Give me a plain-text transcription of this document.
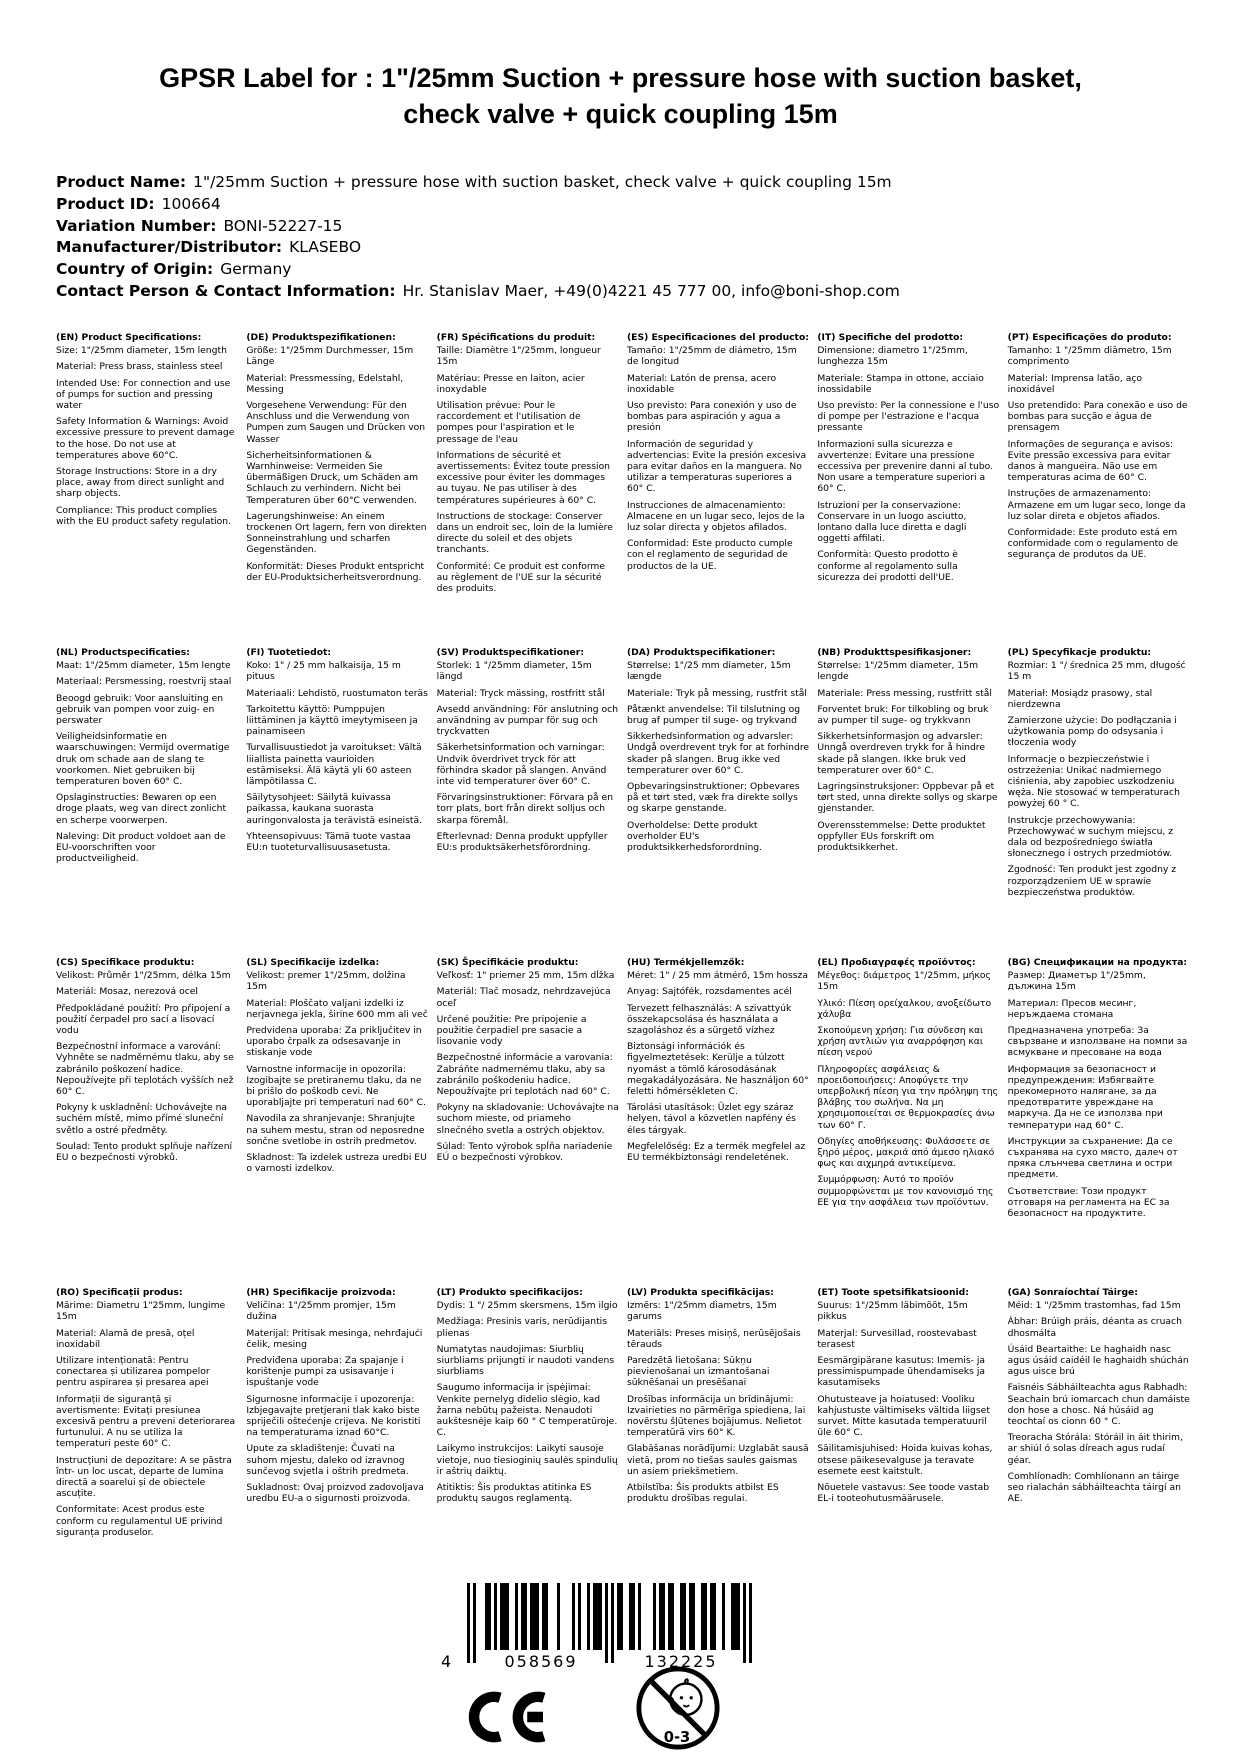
GPSR Label for : 1"/25mm Suction + pressure hose with suction basket, check valve + quick coupling 15m
Product Name: 1"/25mm Suction + pressure hose with suction basket, check valve + quick coupling 15m
Product ID: 100664
Variation Number: BONI-52227-15
Manufacturer/Distributor: KLASEBO
Country of Origin: Germany
Contact Person & Contact Information: Hr. Stanislav Maer, +49(0)4221 45 777 00, info@boni-shop.com
(EN) Product Specifications:

Size: 1"/25mm diameter, 15m length

Material: Press brass, stainless steel

Intended Use: For connection and use of pumps for suction and pressing water

Safety Information & Warnings: Avoid excessive pressure to prevent damage to the hose. Do not use at temperatures above 60°C.

Storage Instructions: Store in a dry place, away from direct sunlight and sharp objects.

Compliance: This product complies with the EU product safety regulation.

(DE) Produktspezifikationen:

Größe: 1"/25mm Durchmesser, 15m Länge

Material: Pressmessing, Edelstahl, Messing

Vorgesehene Verwendung: Für den Anschluss und die Verwendung von Pumpen zum Saugen und Drücken von Wasser

Sicherheitsinformationen & Warnhinweise: Vermeiden Sie übermäßigen Druck, um Schäden am Schlauch zu verhindern. Nicht bei Temperaturen über 60°C verwenden.

Lagerungshinweise: An einem trockenen Ort lagern, fern von direkten Sonneinstrahlung und scharfen Gegenständen.

Konformität: Dieses Produkt entspricht der EU-Produktsicherheitsverordnung.

(FR) Spécifications du produit:

Taille: Diamètre 1"/25mm, longueur 15m

Matériau: Presse en laiton, acier inoxydable

Utilisation prévue: Pour le raccordement et l'utilisation de pompes pour l'aspiration et le pressage de l'eau

Informations de sécurité et avertissements: Évitez toute pression excessive pour éviter les dommages au tuyau. Ne pas utiliser à des températures supérieures à 60° C.

Instructions de stockage: Conserver dans un endroit sec, loin de la lumière directe du soleil et des objets tranchants.

Conformité: Ce produit est conforme au règlement de l'UE sur la sécurité des produits.

(ES) Especificaciones del producto:

Tamaño: 1"/25mm de diámetro, 15m de longitud

Material: Latón de prensa, acero inoxidable

Uso previsto: Para conexión y uso de bombas para aspiración y agua a presión

Información de seguridad y advertencias: Evite la presión excesiva para evitar daños en la manguera. No utilizar a temperaturas superiores a 60° C.

Instrucciones de almacenamiento: Almacene en un lugar seco, lejos de la luz solar directa y objetos afilados.

Conformidad: Este producto cumple con el reglamento de seguridad de productos de la UE.

(IT) Specifiche del prodotto:

Dimensione: diametro 1"/25mm, lunghezza 15m

Materiale: Stampa in ottone, acciaio inossidabile

Uso previsto: Per la connessione e l'uso di pompe per l'estrazione e l'acqua pressante

Informazioni sulla sicurezza e avvertenze: Evitare una pressione eccessiva per prevenire danni al tubo. Non usare a temperature superiori a 60° C.

Istruzioni per la conservazione: Conservare in un luogo asciutto, lontano dalla luce diretta e dagli oggetti affilati.

Conformità: Questo prodotto è conforme al regolamento sulla sicurezza dei prodotti dell'UE.

(PT) Especificações do produto:

Tamanho: 1 "/25mm diâmetro, 15m comprimento

Material: Imprensa latão, aço inoxidável

Uso pretendido: Para conexão e uso de bombas para sucção e água de prensagem

Informações de segurança e avisos: Evite pressão excessiva para evitar danos à mangueira. Não use em temperaturas acima de 60° C.

Instruções de armazenamento: Armazene em um lugar seco, longe da luz solar direta e objetos afiados.

Conformidade: Este produto está em conformidade com o regulamento de segurança de produtos da UE.

(NL) Productspecificaties:

Maat: 1"/25mm diameter, 15m lengte

Materiaal: Persmessing, roestvrij staal

Beoogd gebruik: Voor aansluiting en gebruik van pompen voor zuig- en perswater

Veiligheidsinformatie en waarschuwingen: Vermijd overmatige druk om schade aan de slang te voorkomen. Niet gebruiken bij temperaturen boven 60° C.

Opslaginstructies: Bewaren op een droge plaats, weg van direct zonlicht en scherpe voorwerpen.

Naleving: Dit product voldoet aan de EU-voorschriften voor productveiligheid.

(FI) Tuotetiedot:

Koko: 1" / 25 mm halkaisija, 15 m pituus

Materiaali: Lehdistö, ruostumaton teräs

Tarkoitettu käyttö: Pumppujen liittäminen ja käyttö imeytymiseen ja painamiseen

Turvallisuustiedot ja varoitukset: Vältä liiallista painetta vaurioiden estämiseksi. Älä käytä yli 60 asteen lämpötilassa C.

Säilytysohjeet: Säilytä kuivassa paikassa, kaukana suorasta auringonvalosta ja terävistä esineistä.

Yhteensopivuus: Tämä tuote vastaa EU:n tuoteturvallisuusasetusta.

(SV) Produktspecifikationer:

Storlek: 1 "/25mm diameter, 15m längd

Material: Tryck mässing, rostfritt stål

Avsedd användning: För anslutning och användning av pumpar för sug och tryckvatten

Säkerhetsinformation och varningar: Undvik överdrivet tryck för att förhindra skador på slangen. Använd inte vid temperaturer över 60° C.

Förvaringsinstruktioner: Förvara på en torr plats, bort från direkt solljus och skarpa föremål.

Efterlevnad: Denna produkt uppfyller EU:s produktsäkerhetsförordning.

(DA) Produktspecifikationer:

Størrelse: 1"/25 mm diameter, 15m længde

Materiale: Tryk på messing, rustfrit stål

Påtænkt anvendelse: Til tilslutning og brug af pumper til suge- og trykvand

Sikkerhedsinformation og advarsler: Undgå overdrevent tryk for at forhindre skader på slangen. Brug ikke ved temperaturer over 60° C.

Opbevaringsinstruktioner: Opbevares på et tørt sted, væk fra direkte sollys og skarpe genstande.

Overholdelse: Dette produkt overholder EU's produktsikkerhedsforordning.

(NB) Produkttspesifikasjoner:

Størrelse: 1"/25mm diameter, 15m lengde

Materiale: Press messing, rustfritt stål

Forventet bruk: For tilkobling og bruk av pumper til suge- og trykkvann

Sikkerhetsinformasjon og advarsler: Unngå overdreven trykk for å hindre skade på slangen. Ikke bruk ved temperaturer over 60° C.

Lagringsinstruksjoner: Oppbevar på et tørt sted, unna direkte sollys og skarpe gjenstander.

Overensstemmelse: Dette produktet oppfyller EUs forskrift om produktsikkerhet.

(PL) Specyfikacje produktu:

Rozmiar: 1 "/ średnica 25 mm, długość 15 m

Materiał: Mosiądz prasowy, stal nierdzewna

Zamierzone użycie: Do podłączania i użytkowania pomp do odsysania i tłoczenia wody

Informacje o bezpieczeństwie i ostrzeżenia: Unikać nadmiernego ciśnienia, aby zapobiec uszkodzeniu węża. Nie stosować w temperaturach powyżej 60 ° C.

Instrukcje przechowywania: Przechowywać w suchym miejscu, z dala od bezpośredniego światła słonecznego i ostrych przedmiotów.

Zgodność: Ten produkt jest zgodny z rozporządzeniem UE w sprawie bezpieczeństwa produktów.

(CS) Specifikace produktu:

Velikost: Průměr 1"/25mm, délka 15m

Materiál: Mosaz, nerezová ocel

Předpokládané použití: Pro připojení a použití čerpadel pro sací a lisovací vodu

Bezpečnostní informace a varování: Vyhněte se nadměrnému tlaku, aby se zabránilo poškození hadice. Nepoužívejte při teplotách vyšších než 60° C.

Pokyny k uskladnění: Uchovávejte na suchém místě, mimo přímé sluneční světlo a ostré předměty.

Soulad: Tento produkt splňuje nařízení EU o bezpečnosti výrobků.

(SL) Specifikacije izdelka:

Velikost: premer 1"/25mm, dolžina 15m

Material: Ploščato valjani izdelki iz nerjavnega jekla, širine 600 mm ali več

Predvidena uporaba: Za priključitev in uporabo črpalk za odsesavanje in stiskanje vode

Varnostne informacije in opozorila: Izogibajte se pretiranemu tlaku, da ne bi prišlo do poškodb cevi. Ne uporabljajte pri temperaturi nad 60° C.

Navodila za shranjevanje: Shranjujte na suhem mestu, stran od neposredne sončne svetlobe in ostrih predmetov.

Skladnost: Ta izdelek ustreza uredbi EU o varnosti izdelkov.

(SK) Špecifikácie produktu:

Veľkosť: 1" priemer 25 mm, 15m dĺžka

Materiál: Tlač mosadz, nehrdzavejúca oceľ

Určené použitie: Pre pripojenie a použitie čerpadiel pre sasacie a lisovanie vody

Bezpečnostné informácie a varovania: Zabráňte nadmernému tlaku, aby sa zabránilo poškodeniu hadice. Nepoužívajte pri teplotách nad 60° C.

Pokyny na skladovanie: Uchovávajte na suchom mieste, od priameho slnečného svetla a ostrých objektov.

Súlad: Tento výrobok spĺňa nariadenie EÚ o bezpečnosti výrobkov.

(HU) Termékjellemzők:

Méret: 1" / 25 mm átmérő, 15m hossza

Anyag: Sajtófék, rozsdamentes acél

Tervezett felhasználás: A szivattyúk összekapcsolása és használata a szagoláshoz és a sürgető vízhez

Biztonsági információk és figyelmeztetések: Kerülje a túlzott nyomást a tömlő károsodásának megakadályozására. Ne használjon 60° feletti hőmérsékleten C.

Tárolási utasítások: Üzlet egy száraz helyen, távol a közvetlen napfény és éles tárgyak.

Megfelelőség: Ez a termék megfelel az EU termékbiztonsági rendeletének.

(EL) Προδιαγραφές προϊόντος:

Μέγεθος: διάμετρος 1"/25mm, μήκος 15m

Υλικό: Πίεση ορείχαλκου, ανοξείδωτο χάλυβα

Σκοπούμενη χρήση: Για σύνδεση και χρήση αντλιών για αναρρόφηση και πίεση νερού

Πληροφορίες ασφάλειας & προειδοποιήσεις: Αποφύγετε την υπερβολική πίεση για την πρόληψη της βλάβης του σωλήνα. Να μη χρησιμοποιείται σε θερμοκρασίες άνω των 60° Γ.

Οδηγίες αποθήκευσης: Φυλάσσετε σε ξηρό μέρος, μακριά από άμεσο ηλιακό φως και αιχμηρά αντικείμενα.

Συμμόρφωση: Αυτό το προϊόν συμμορφώνεται με τον κανονισμό της ΕΕ για την ασφάλεια των προϊόντων.

(BG) Спецификации на продукта:

Размер: Диаметър 1"/25mm, дължина 15m

Материал: Пресов месинг, неръждаема стомана

Предназначена употреба: За свързване и използване на помпи за всмукване и пресоване на вода

Информация за безопасност и предупреждения: Избягвайте прекомерното налягане, за да предотвратите увреждане на маркуча. Да не се използва при температури над 60° С.

Инструкции за съхранение: Да се съхранява на сухо място, далеч от пряка слънчева светлина и остри предмети.

Съответствие: Този продукт отговаря на регламента на ЕС за безопасност на продуктите.

(RO) Specificații produs:

Mărime: Diametru 1"25mm, lungime 15m

Material: Alamă de presă, oțel inoxidabil

Utilizare intenționată: Pentru conectarea și utilizarea pompelor pentru aspirarea și presarea apei

Informații de siguranță și avertismente: Evitați presiunea excesivă pentru a preveni deteriorarea furtunului. A nu se utiliza la temperaturi peste 60° C.

Instrucțiuni de depozitare: A se păstra într- un loc uscat, departe de lumina directă a soarelui și de obiectele ascuțite.

Conformitate: Acest produs este conform cu regulamentul UE privind siguranța produselor.

(HR) Specifikacije proizvoda:

Veličina: 1"/25mm promjer, 15m dužina

Materijal: Pritisak mesinga, nehrđajući čelik, mesing

Predviđena uporaba: Za spajanje i korištenje pumpi za usisavanje i ispuštanje vode

Sigurnosne informacije i upozorenja: Izbjegavajte pretjerani tlak kako biste spriječili oštećenje crijeva. Ne koristiti na temperaturama iznad 60°C.

Upute za skladištenje: Čuvati na suhom mjestu, daleko od izravnog sunčevog svjetla i oštrih predmeta.

Sukladnost: Ovaj proizvod zadovoljava uredbu EU-a o sigurnosti proizvoda.

(LT) Produkto specifikacijos:

Dydis: 1 "/ 25mm skersmens, 15m ilgio

Medžiaga: Presinis varis, nerūdijantis plienas

Numatytas naudojimas: Siurblių siurbliams prijungti ir naudoti vandens siurbliams

Saugumo informacija ir įspėjimai: Venkite pernelyg didelio slėgio, kad žarna nebūtų pažeista. Nenaudoti aukštesnėje kaip 60 ° C temperatūroje. C.

Laikymo instrukcijos: Laikyti sausoje vietoje, nuo tiesioginių saulės spindulių ir aštrių daiktų.

Atitiktis: Šis produktas atitinka ES produktų saugos reglamentą.

(LV) Produkta specifikācijas:

Izmērs: 1"/25mm diametrs, 15m garums

Materiāls: Preses misiņš, nerūsējošais tērauds

Paredzētā lietošana: Sūkņu pievienošanai un izmantošanai sūknēšanai un presēšanai

Drošības informācija un brīdinājumi: Izvairieties no pārmērīga spiediena, lai novērstu šļūtenes bojājumus. Nelietot temperatūrā virs 60° K.

Glabāšanas norādījumi: Uzglabāt sausā vietā, prom no tiešas saules gaismas un asiem priekšmetiem.

Atbilstība: Šis produkts atbilst ES produktu drošības regulai.

(ET) Toote spetsifikatsioonid:

Suurus: 1"/25mm läbimõõt, 15m pikkus

Materjal: Survesillad, roostevabast terasest

Eesmärgipärane kasutus: Imemis- ja pressimispumpade ühendamiseks ja kasutamiseks

Ohutusteave ja hoiatused: Vooliku kahjustuste vältimiseks vältida liigset survet. Mitte kasutada temperatuuril üle 60° C.

Säilitamisjuhised: Hoida kuivas kohas, otsese päikesevalguse ja teravate esemete eest kaitstult.

Nõuetele vastavus: See toode vastab EL-i tooteohutusmäärusele.

(GA) Sonraíochtaí Táirge:

Méid: 1 "/25mm trastomhas, fad 15m

Ábhar: Brúigh práis, déanta as cruach dhosmálta

Úsáid Beartaithe: Le haghaidh nasc agus úsáid caidéil le haghaidh shúchán agus uisce brú

Faisnéis Sábháilteachta agus Rabhadh: Seachain brú iomarcach chun damáiste don hose a chosc. Ná húsáid ag teochtaí os cionn 60 ° C.

Treoracha Stórála: Stóráil in áit thirim, ar shiúl ó solas díreach agus rudaí géar.

Comhlíonadh: Comhlíonann an táirge seo rialachán sábháilteachta táirgí an AE.

4	058569	132225
0-3
